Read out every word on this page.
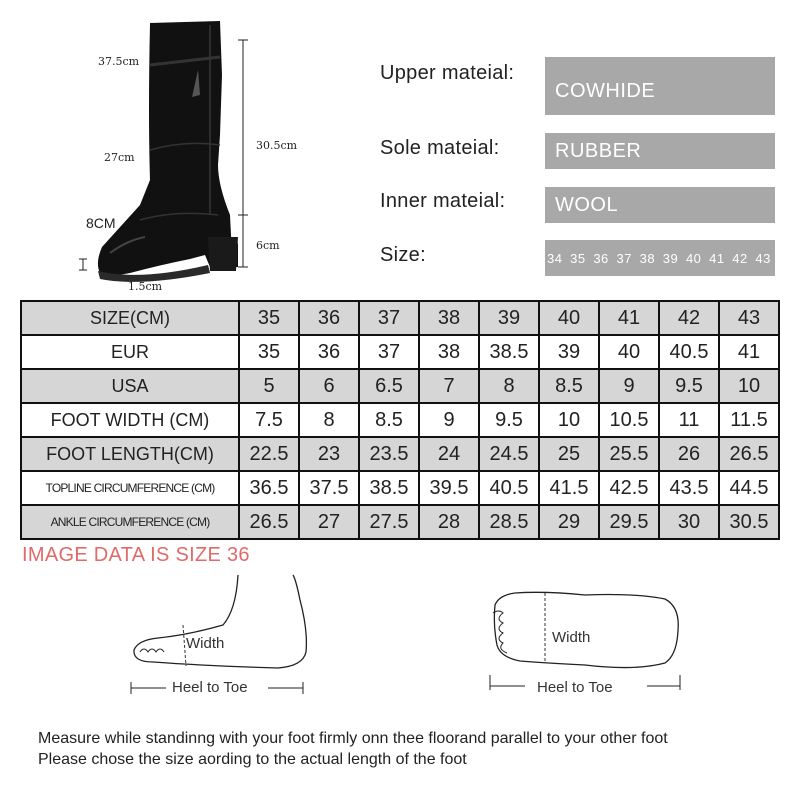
37.5cm
27cm
30.5cm
8CM
6cm
1.5cm
Upper mateial:
COWHIDE
Sole mateial:	RUBBER
Inner mateial:	WOOL
Size:	34 35 36 37 38 39 40 41 42 43
SIZE(CM)	35	36	37	38	39	40	41	42	43
EUR	35	36	37	38	38.5	39	40	40.5	41
USA	5	6	6.5	7	8	8.5	9	9.5	10
FOOT WIDTH (CM)	7.5	8	8.5	9	9.5	10	10.5	11	11.5
FOOT LENGTH(CM)	22.5	23	23.5	24	24.5	25	25.5	26	26.5
TOPLINE CIRCUMFERENCE (CM)	36.5	37.5	38.5	39.5	40.5	41.5	42.5	43.5	44.5
ANKLE CIRCUMFERENCE (CM)	26.5	27	27.5	28	28.5	29	29.5	30	30.5
IMAGE DATA IS SIZE 36
Width
Heel to Toe
Width
Heel to Toe
Measure while standinng with your foot firmly onn thee floorand parallel to your other foot
Please chose the size aording to the actual length of the foot
